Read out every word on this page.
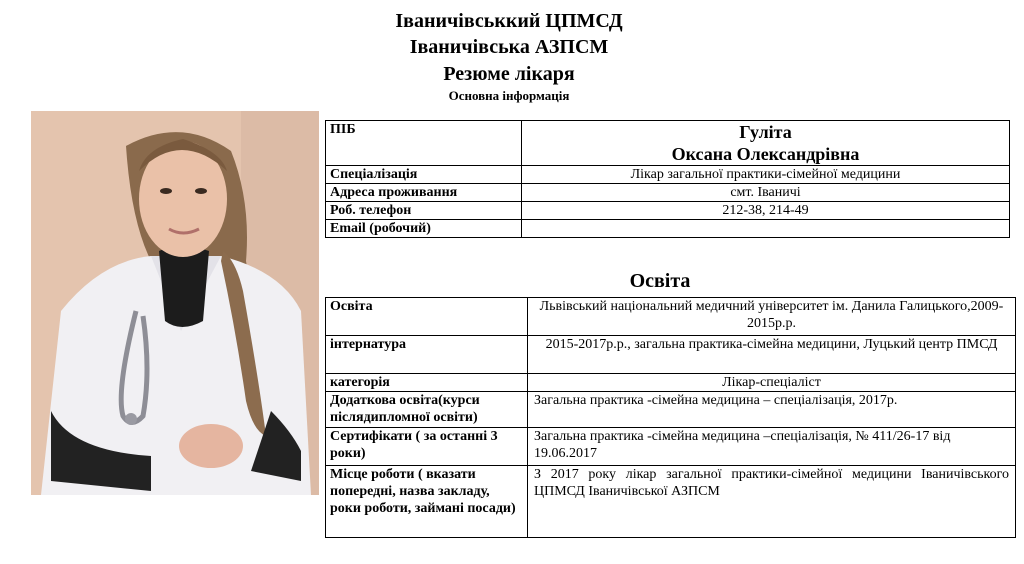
Іваничівськкий ЦПМСД
Іваничівська АЗПСМ
Резюме лікаря
Основна інформація
ПІБ	Гуліта
Оксана Олександрівна

Спеціалізація	Лікар загальної практики-сімейної медицини
Адреса проживання	смт. Іваничі
Роб. телефон	212-38, 214-49
Email (робочий)	
Освіта
Освіта	Львівський національний медичний університет ім. Данила Галицького,2009-2015р.р.
інтернатура	2015-2017р.р., загальна практика-сімейна медицини, Луцький центр ПМСД
категорія	Лікар-спеціаліст
Додаткова освіта(курси післядипломної освіти)	Загальна практика -сімейна медицина – спеціалізація, 2017р.
Сертифікати ( за останні 3 роки)	Загальна практика -сімейна медицина –спеціалізація, № 411/26-17 від 19.06.2017
Місце роботи ( вказати попередні, назва закладу, роки роботи, займані посади)	З 2017 року лікар загальної практики-сімейної медицини Іваничівського ЦПМСД Іваничівської АЗПСМ
